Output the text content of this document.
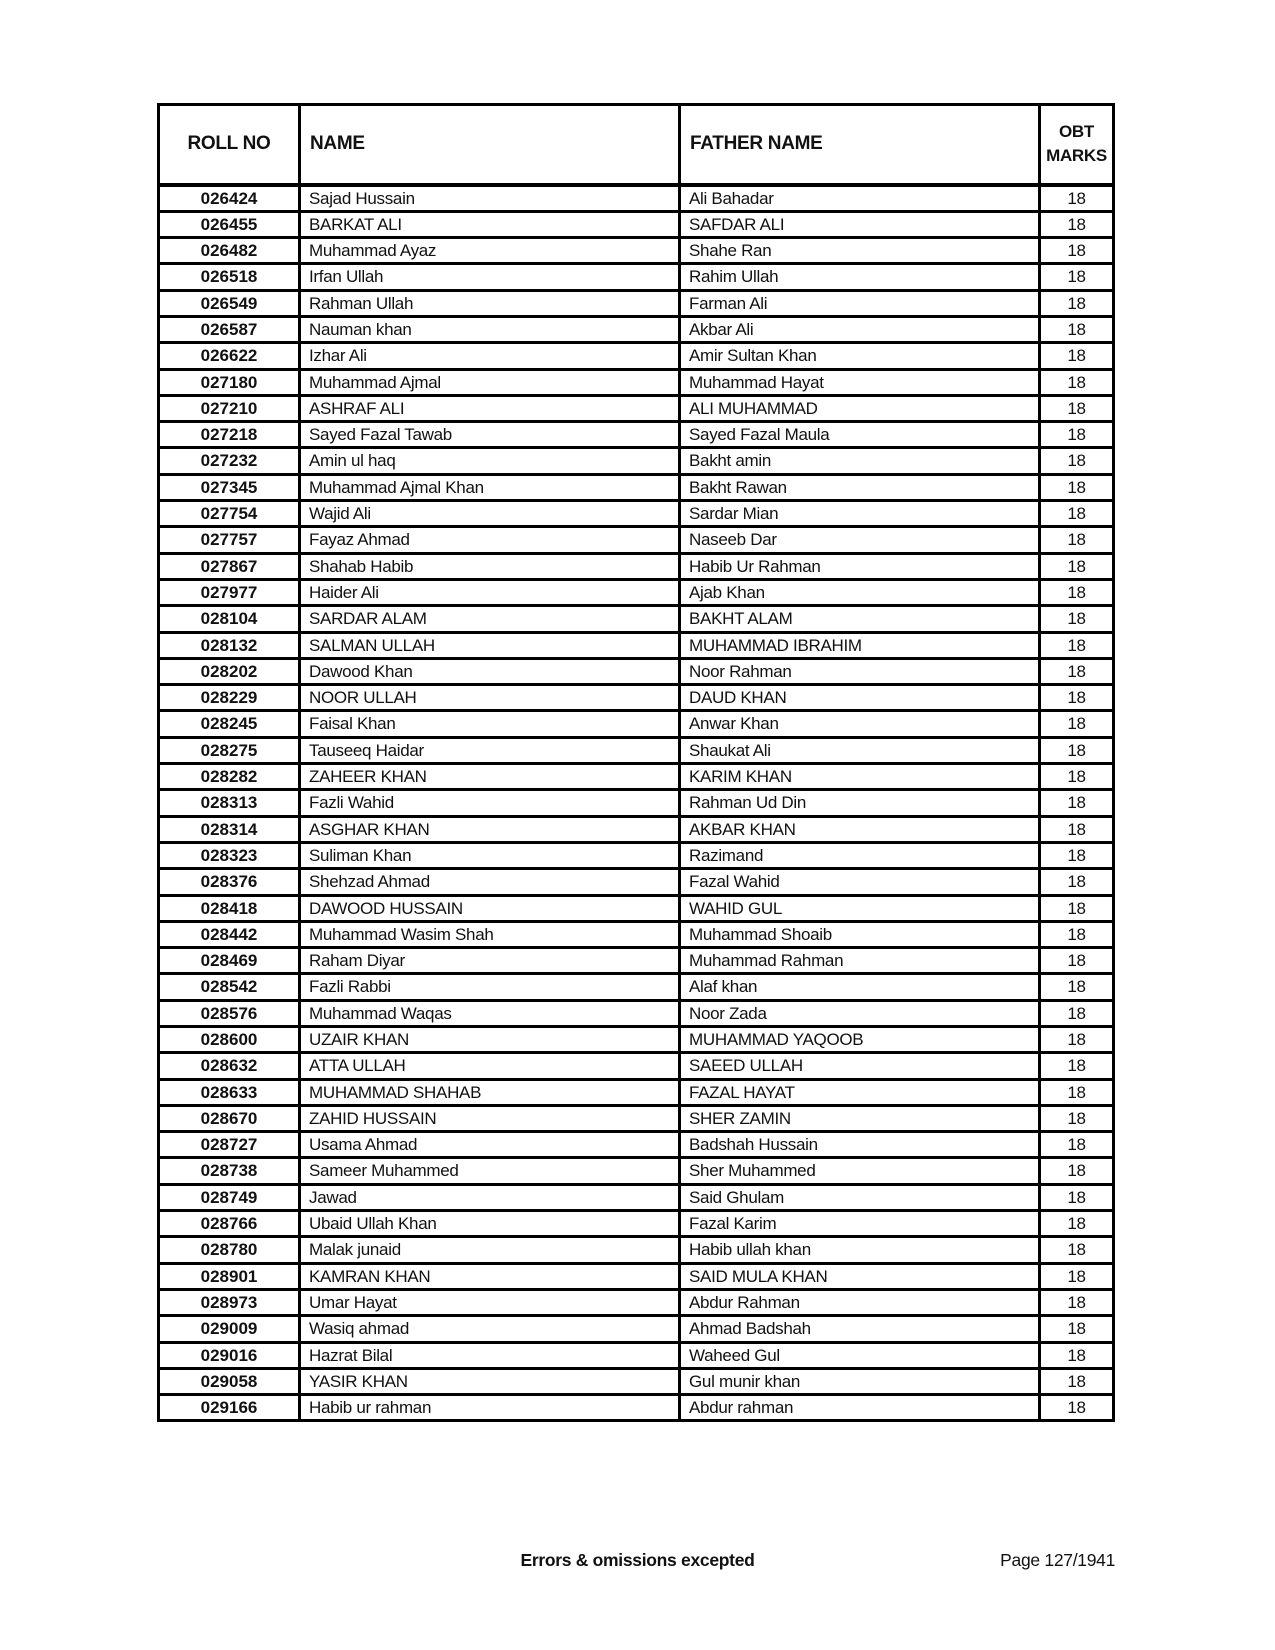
ROLL NO	NAME	FATHER NAME	OBT MARKS
026424	Sajad Hussain	Ali Bahadar	18
026455	BARKAT ALI	SAFDAR ALI	18
026482	Muhammad Ayaz	Shahe Ran	18
026518	Irfan Ullah	Rahim Ullah	18
026549	Rahman Ullah	Farman Ali	18
026587	Nauman khan	Akbar Ali	18
026622	Izhar Ali	Amir Sultan Khan	18
027180	Muhammad Ajmal	Muhammad Hayat	18
027210	ASHRAF ALI	ALI MUHAMMAD	18
027218	Sayed Fazal Tawab	Sayed Fazal Maula	18
027232	Amin ul haq	Bakht amin	18
027345	Muhammad Ajmal Khan	Bakht Rawan	18
027754	Wajid Ali	Sardar Mian	18
027757	Fayaz Ahmad	Naseeb Dar	18
027867	Shahab Habib	Habib Ur Rahman	18
027977	Haider Ali	Ajab Khan	18
028104	SARDAR ALAM	BAKHT ALAM	18
028132	SALMAN ULLAH	MUHAMMAD IBRAHIM	18
028202	Dawood Khan	Noor Rahman	18
028229	NOOR ULLAH	DAUD KHAN	18
028245	Faisal Khan	Anwar Khan	18
028275	Tauseeq Haidar	Shaukat Ali	18
028282	ZAHEER KHAN	KARIM KHAN	18
028313	Fazli Wahid	Rahman Ud Din	18
028314	ASGHAR KHAN	AKBAR KHAN	18
028323	Suliman Khan	Razimand	18
028376	Shehzad Ahmad	Fazal Wahid	18
028418	DAWOOD HUSSAIN	WAHID GUL	18
028442	Muhammad Wasim Shah	Muhammad Shoaib	18
028469	Raham Diyar	Muhammad Rahman	18
028542	Fazli Rabbi	Alaf khan	18
028576	Muhammad Waqas	Noor Zada	18
028600	UZAIR KHAN	MUHAMMAD YAQOOB	18
028632	ATTA ULLAH	SAEED ULLAH	18
028633	MUHAMMAD SHAHAB	FAZAL HAYAT	18
028670	ZAHID HUSSAIN	SHER ZAMIN	18
028727	Usama Ahmad	Badshah Hussain	18
028738	Sameer Muhammed	Sher Muhammed	18
028749	Jawad	Said Ghulam	18
028766	Ubaid Ullah Khan	Fazal Karim	18
028780	Malak junaid	Habib ullah khan	18
028901	KAMRAN KHAN	SAID MULA KHAN	18
028973	Umar Hayat	Abdur Rahman	18
029009	Wasiq ahmad	Ahmad Badshah	18
029016	Hazrat Bilal	Waheed Gul	18
029058	YASIR KHAN	Gul munir khan	18
029166	Habib ur rahman	Abdur rahman	18
Errors & omissions excepted	Page 127/1941
